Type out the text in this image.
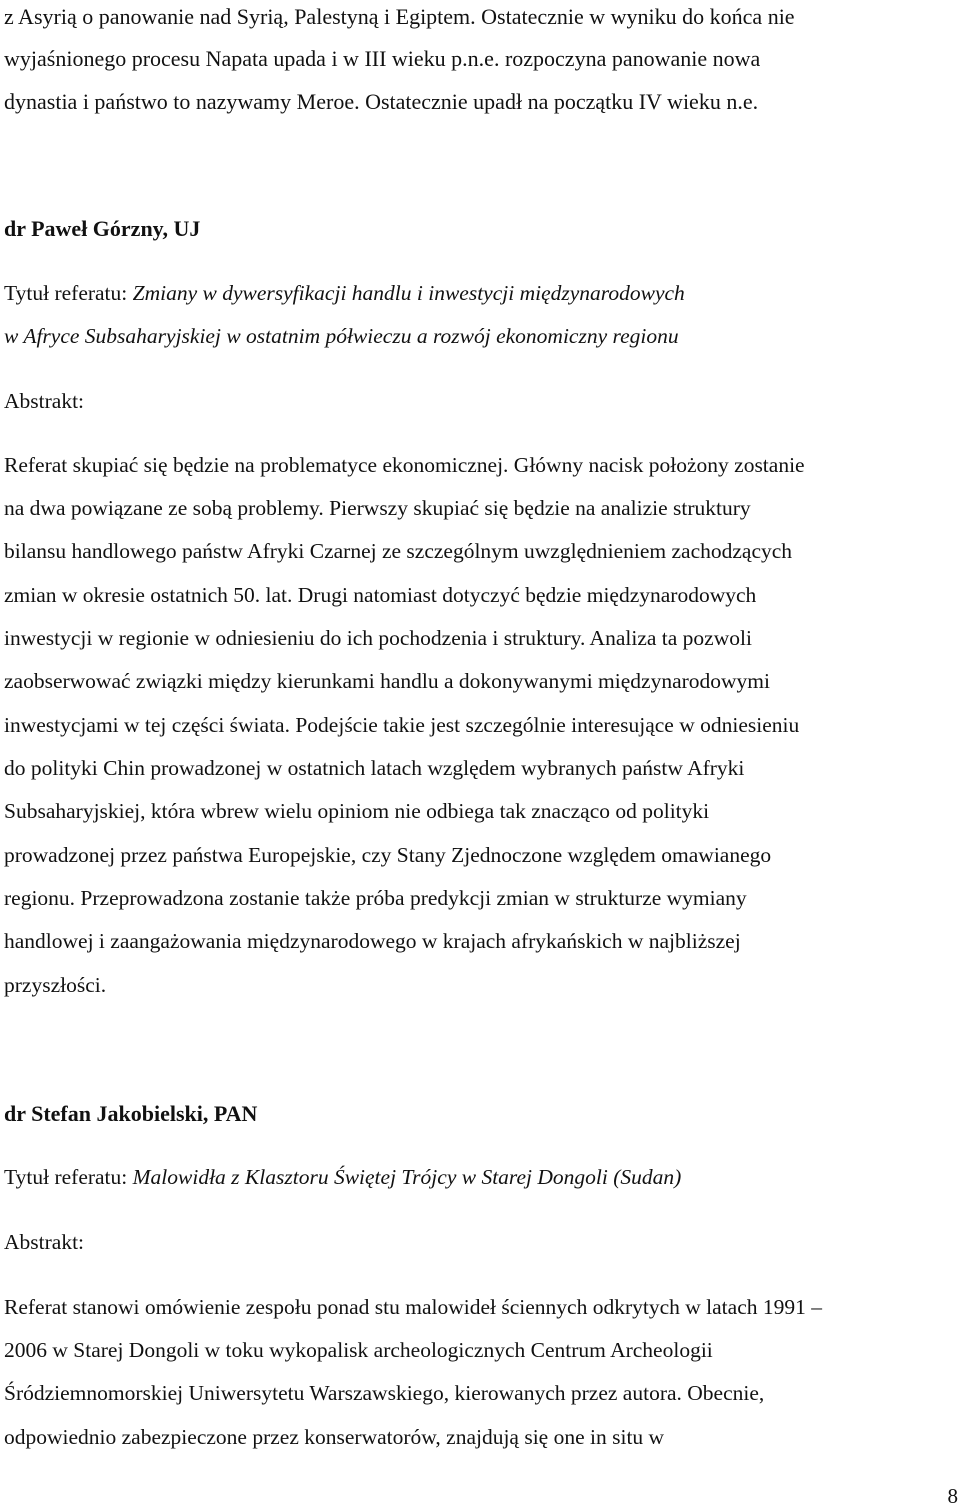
z Asyrią o panowanie nad Syrią, Palestyną i Egiptem. Ostatecznie w wyniku do końca nie
wyjaśnionego procesu Napata upada i w III wieku p.n.e. rozpoczyna panowanie nowa
dynastia i państwo to nazywamy Meroe. Ostatecznie upadł na początku IV wieku n.e.
dr Paweł Górzny, UJ
Tytuł referatu: Zmiany w dywersyfikacji handlu i inwestycji międzynarodowych
w Afryce Subsaharyjskiej w ostatnim półwieczu a rozwój ekonomiczny regionu
Abstrakt:
Referat skupiać się będzie na problematyce ekonomicznej. Główny nacisk położony zostanie
na dwa powiązane ze sobą problemy. Pierwszy skupiać się będzie na analizie struktury
bilansu handlowego państw Afryki Czarnej ze szczególnym uwzględnieniem zachodzących
zmian w okresie ostatnich 50. lat. Drugi natomiast dotyczyć będzie międzynarodowych
inwestycji w regionie w odniesieniu do ich pochodzenia i struktury. Analiza ta pozwoli
zaobserwować związki między kierunkami handlu a dokonywanymi międzynarodowymi
inwestycjami w tej części świata. Podejście takie jest szczególnie interesujące w odniesieniu
do polityki Chin prowadzonej w ostatnich latach względem wybranych państw Afryki
Subsaharyjskiej, która wbrew wielu opiniom nie odbiega tak znacząco od polityki
prowadzonej przez państwa Europejskie, czy Stany Zjednoczone względem omawianego
regionu. Przeprowadzona zostanie także próba predykcji zmian w strukturze wymiany
handlowej i zaangażowania międzynarodowego w krajach afrykańskich w najbliższej
przyszłości.
dr Stefan Jakobielski, PAN
Tytuł referatu: Malowidła z Klasztoru Świętej Trójcy w Starej Dongoli (Sudan)
Abstrakt:
Referat stanowi omówienie zespołu ponad stu malowideł ściennych odkrytych w latach 1991 –
2006 w Starej Dongoli w toku wykopalisk archeologicznych Centrum Archeologii
Śródziemnomorskiej Uniwersytetu Warszawskiego, kierowanych przez autora. Obecnie,
odpowiednio zabezpieczone przez konserwatorów, znajdują się one in situ w
8
